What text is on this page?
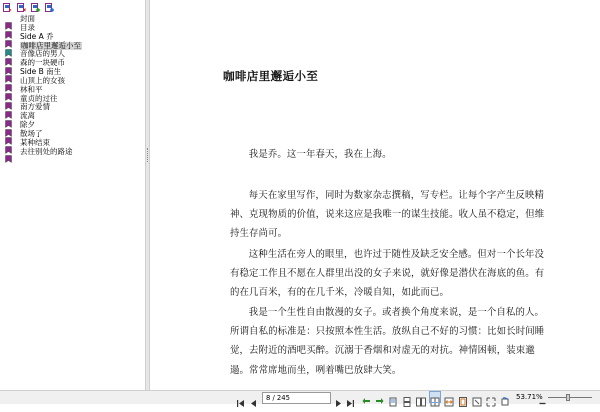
封面
目录
Side A 乔
咖啡店里邂逅小至
音像店的男人
森的一块硬币
Side B 南生
山顶上的女孩
林和平
童贞的过往
南方爱情
流离
除夕
散场了
某种结束
去往别处的路途
咖啡店里邂逅小至
我是乔。这一年春天，我在上海。
每天在家里写作，同时为数家杂志撰稿，写专栏。让每个字产生反映精神、克现物质的价值，说来这应是我唯一的谋生技能。收人虽不稳定，但维持生存尚可。
这种生活在旁人的眼里，也许过于随性及缺乏安全感。但对一个长年没有稳定工作且不愿在人群里出没的女子来说，就好像是潜伏在海底的鱼。有的在几百米，有的在几千米，冷暖自知，如此而已。
我是一个生性自由散漫的女子。或者换个角度来说，是一个自私的人。所谓自私的标准是：只按照本性生活。放纵自己不好的习惯：比如长时间睡觉，去附近的酒吧买醉。沉溺于香烟和对虚无的对抗。神情困顿，装束邋遢。常常席地而坐，咧着嘴巴放肆大笑。
8 / 245	53.71%
